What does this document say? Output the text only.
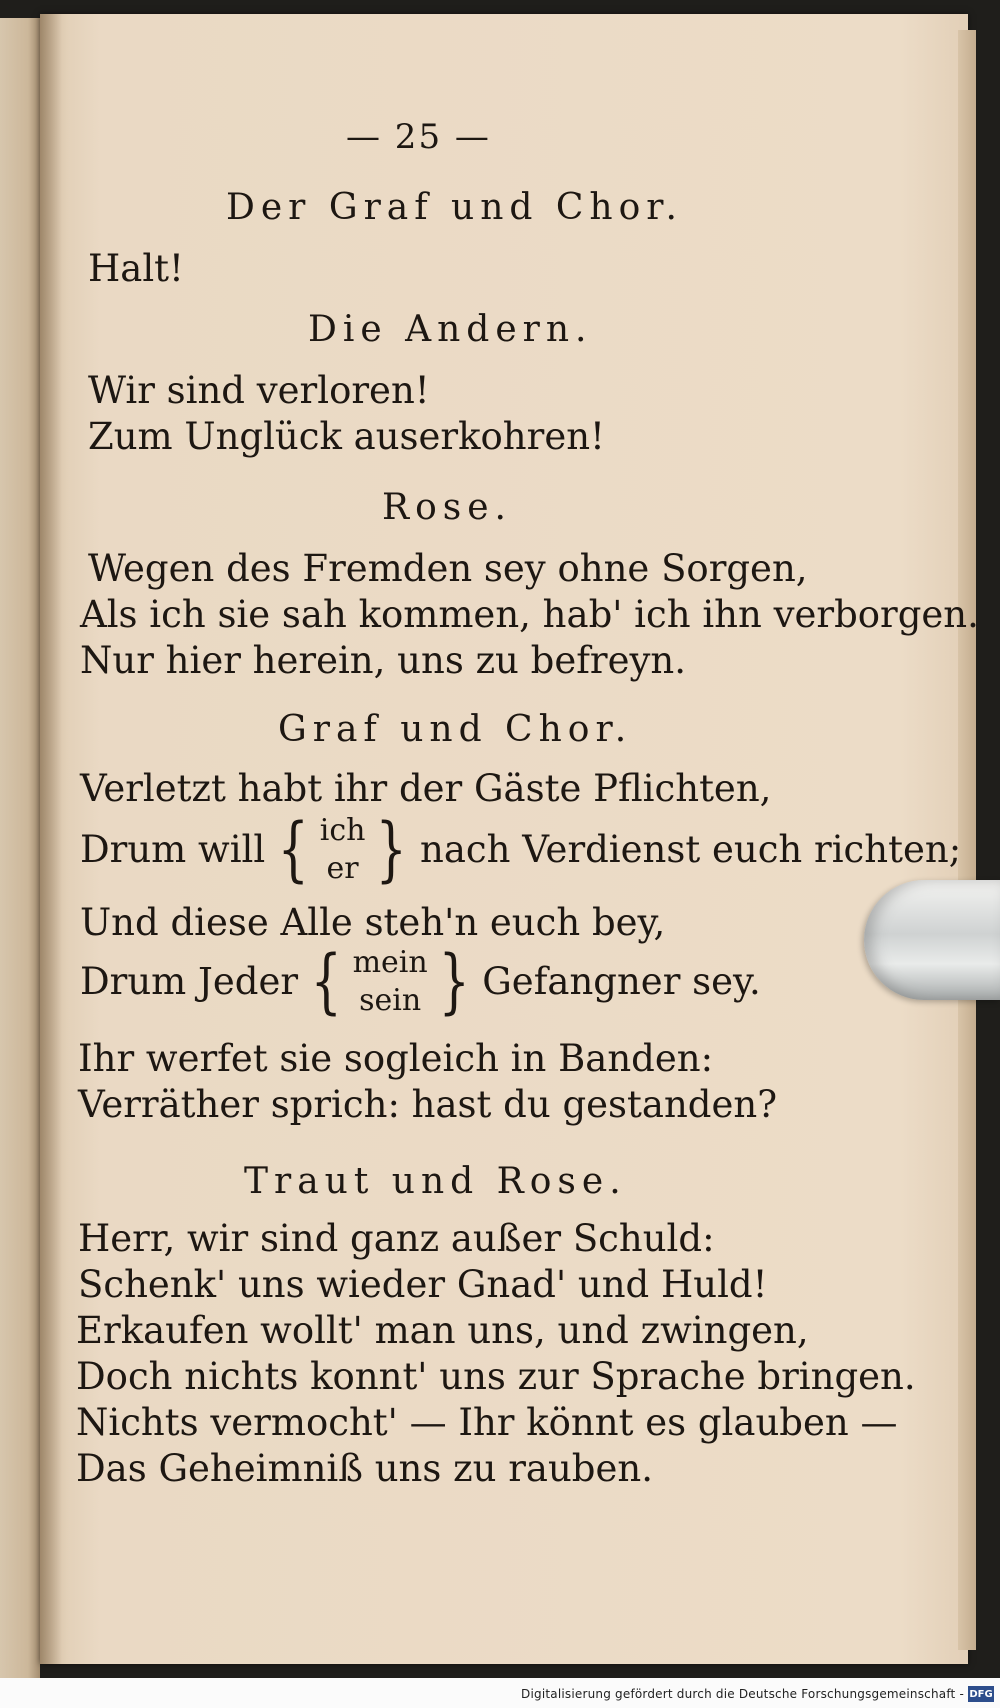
— 25 —
Der Graf und Chor.
Halt!
Die Andern.
Wir sind verloren!
Zum Unglück auserkohren!
Rose.
Wegen des Fremden sey ohne Sorgen,
Als ich sie sah kommen, hab' ich ihn verborgen.
Nur hier herein, uns zu befreyn.
Graf und Chor.
Verletzt habt ihr der Gäste Pflichten,
Drum will { ich
er } nach Verdienst euch richten;
Und diese Alle steh'n euch bey,
Drum Jeder { mein
sein } Gefangner sey.
Ihr werfet sie sogleich in Banden:
Verräther sprich: hast du gestanden?
Traut und Rose.
Herr, wir sind ganz außer Schuld:
Schenk' uns wieder Gnad' und Huld!
Erkaufen wollt' man uns, und zwingen,
Doch nichts konnt' uns zur Sprache bringen.
Nichts vermocht' — Ihr könnt es glauben —
Das Geheimniß uns zu rauben.
Digitalisierung gefördert durch die Deutsche Forschungsgemeinschaft - DFG
